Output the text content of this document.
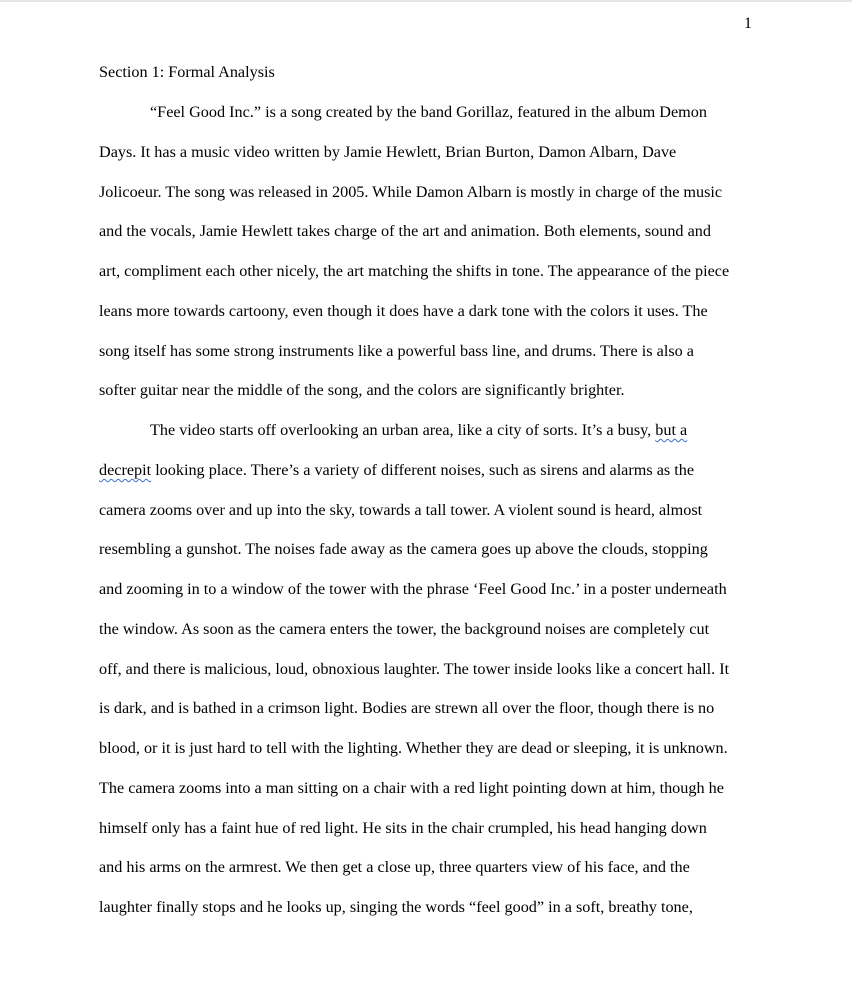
1
Section 1: Formal Analysis
“Feel Good Inc.” is a song created by the band Gorillaz, featured in the album Demon
Days. It has a music video written by Jamie Hewlett, Brian Burton, Damon Albarn, Dave
Jolicoeur. The song was released in 2005. While Damon Albarn is mostly in charge of the music
and the vocals, Jamie Hewlett takes charge of the art and animation. Both elements, sound and
art, compliment each other nicely, the art matching the shifts in tone. The appearance of the piece
leans more towards cartoony, even though it does have a dark tone with the colors it uses. The
song itself has some strong instruments like a powerful bass line, and drums. There is also a
softer guitar near the middle of the song, and the colors are significantly brighter.
The video starts off overlooking an urban area, like a city of sorts. It’s a busy, but a
decrepit looking place. There’s a variety of different noises, such as sirens and alarms as the
camera zooms over and up into the sky, towards a tall tower. A violent sound is heard, almost
resembling a gunshot. The noises fade away as the camera goes up above the clouds, stopping
and zooming in to a window of the tower with the phrase ‘Feel Good Inc.’ in a poster underneath
the window. As soon as the camera enters the tower, the background noises are completely cut
off, and there is malicious, loud, obnoxious laughter. The tower inside looks like a concert hall. It
is dark, and is bathed in a crimson light. Bodies are strewn all over the floor, though there is no
blood, or it is just hard to tell with the lighting. Whether they are dead or sleeping, it is unknown.
The camera zooms into a man sitting on a chair with a red light pointing down at him, though he
himself only has a faint hue of red light. He sits in the chair crumpled, his head hanging down
and his arms on the armrest. We then get a close up, three quarters view of his face, and the
laughter finally stops and he looks up, singing the words “feel good” in a soft, breathy tone,
